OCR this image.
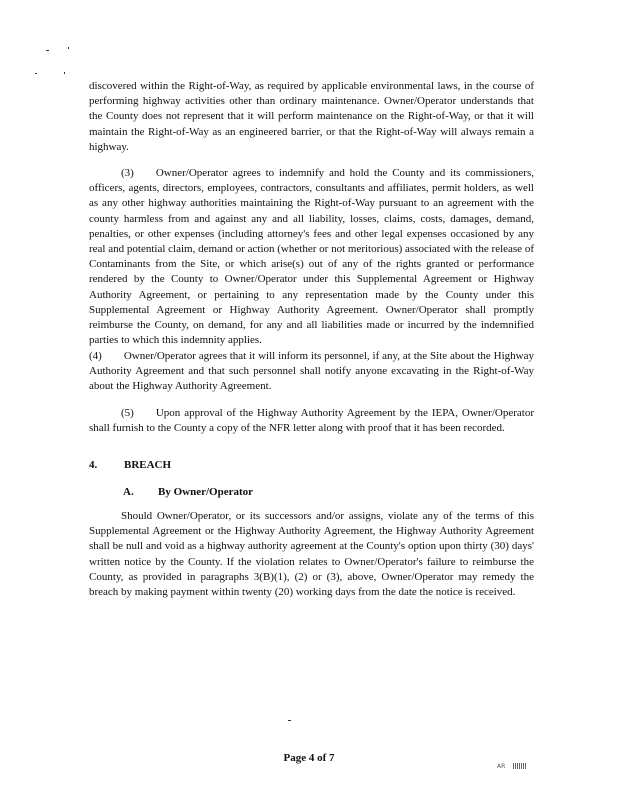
discovered within the Right-of-Way, as required by applicable environmental laws, in the course of performing highway activities other than ordinary maintenance. Owner/Operator understands that the County does not represent that it will perform maintenance on the Right-of-Way, or that it will maintain the Right-of-Way as an engineered barrier, or that the Right-of-Way will always remain a highway.

(3)  Owner/Operator agrees to indemnify and hold the County and its commissioners, officers, agents, directors, employees, contractors, consultants and affiliates, permit holders, as well as any other highway authorities maintaining the Right-of-Way pursuant to an agreement with the county harmless from and against any and all liability, losses, claims, costs, damages, demand, penalties, or other expenses (including attorney's fees and other legal expenses occasioned by any real and potential claim, demand or action (whether or not meritorious) associated with the release of Contaminants from the Site, or which arise(s) out of any of the rights granted or performance rendered by the County to Owner/Operator under this Supplemental Agreement or Highway Authority Agreement, or pertaining to any representation made by the County under this Supplemental Agreement or Highway Authority Agreement. Owner/Operator shall promptly reimburse the County, on demand, for any and all liabilities made or incurred by the indemnified parties to which this indemnity applies.

(4)  Owner/Operator agrees that it will inform its personnel, if any, at the Site about the Highway Authority Agreement and that such personnel shall notify anyone excavating in the Right-of-Way about the Highway Authority Agreement.

(5)  Upon approval of the Highway Authority Agreement by the IEPA, Owner/Operator shall furnish to the County a copy of the NFR letter along with proof that it has been recorded.

4. BREACH
A. By Owner/Operator

Should Owner/Operator, or its successors and/or assigns, violate any of the terms of this Supplemental Agreement or the Highway Authority Agreement, the Highway Authority Agreement shall be null and void as a highway authority agreement at the County's option upon thirty (30) days' written notice by the County. If the violation relates to Owner/Operator's failure to reimburse the County, as provided in paragraphs 3(B)(1), (2) or (3), above, Owner/Operator may remedy the breach by making payment within twenty (20) working days from the date the notice is received.

Page 4 of 7
AR
